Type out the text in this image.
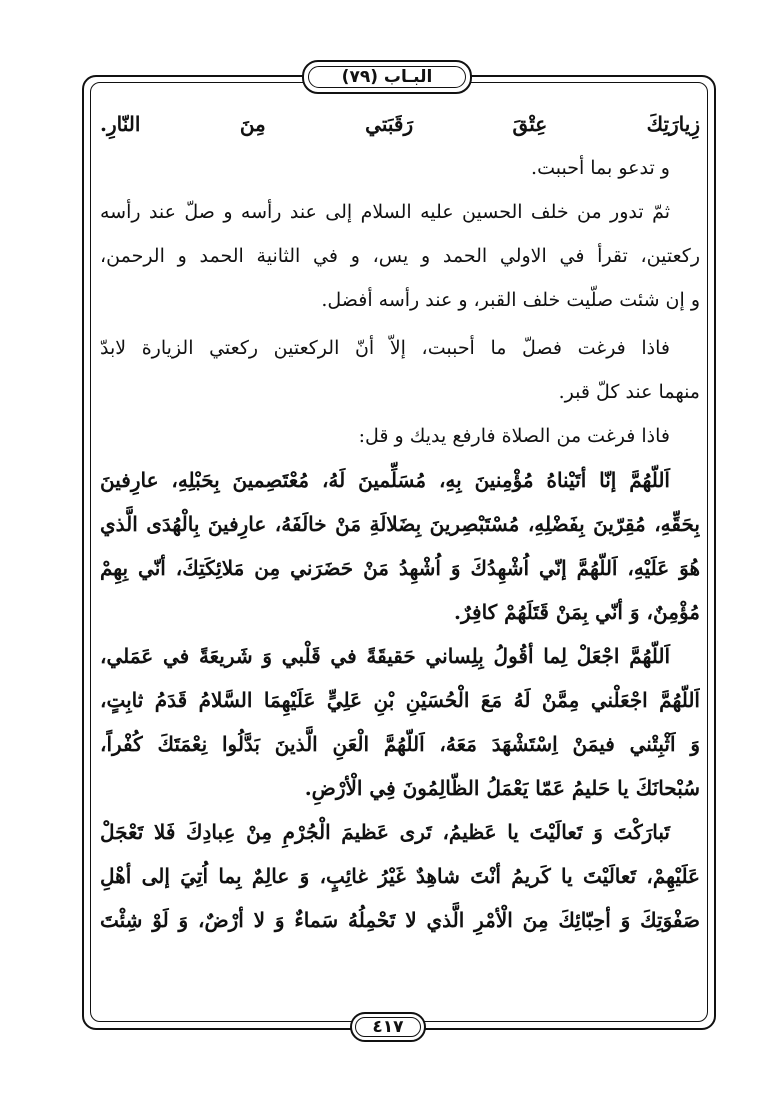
البـاب (٧٩)
زِيارَتِكَ عِتْقَ رَقَبَتي مِنَ النّارِ.
و تدعو بما أحببت.
ثمّ تدور من خلف الحسين عليه السلام إلى عند رأسه و صلّ عند رأسه
ركعتين، تقرأ في الاولي الحمد و يس، و في الثانية الحمد و الرحمن،
و إن شئت صلّيت خلف القبر، و عند رأسه أفضل.
فاذا فرغت فصلّ ما أحببت، إلاّ أنّ الركعتين ركعتي الزيارة لابدّ
منهما عند كلّ قبر.
فاذا فرغت من الصلاة فارفع يديك و قل:
اَللّهُمَّ إنّا أتَيْناهُ مُؤْمِنينَ بِهِ، مُسَلِّمينَ لَهُ، مُعْتَصِمينَ بِحَبْلِهِ، عارِفينَ
بِحَقِّهِ، مُقِرّينَ بِفَضْلِهِ، مُسْتَبْصِرينَ بِضَلالَةِ مَنْ خالَفَهُ، عارِفينَ بِالْهُدَى الَّذي
هُوَ عَلَيْهِ، اَللّهُمَّ إنّي اُشْهِدُكَ وَ اُشْهِدُ مَنْ حَضَرَني مِن مَلائِكَتِكَ، أنّي بِهِمْ
مُؤْمِنٌ، وَ أنّي بِمَنْ قَتَلَهُمْ كافِرٌ.
اَللّهُمَّ اجْعَلْ لِما أقُولُ بِلِساني حَقيقَةً في قَلْبي وَ شَريعَةً في عَمَلي،
اَللّهُمَّ اجْعَلْني مِمَّنْ لَهُ مَعَ الْحُسَيْنِ بْنِ عَلِيٍّ عَلَيْهِمَا السَّلامُ قَدَمُ ثابِتٍ،
وَ اَثْبِتْني فيمَنْ اِسْتَشْهَدَ مَعَهُ، اَللّهُمَّ الْعَنِ الَّذينَ بَدَّلُوا نِعْمَتَكَ كُفْراً،
سُبْحانَكَ يا حَليمُ عَمّا يَعْمَلُ الظّالِمُونَ فِي الْأرْضِ.
تَبارَكْتَ وَ تَعالَيْتَ يا عَظيمُ، تَرى عَظيمَ الْجُرْمِ مِنْ عِبادِكَ فَلا تَعْجَلْ
عَلَيْهِمْ، تَعالَيْتَ يا كَريمُ أنْتَ شاهِدٌ غَيْرُ غائِبٍ، وَ عالِمٌ بِما اُتِيَ إلى أهْلِ
صَفْوَتِكَ وَ أحِبّائِكَ مِنَ الْأمْرِ الَّذي لا تَحْمِلُهُ سَماءٌ وَ لا أرْضٌ، وَ لَوْ شِئْتَ
٤١٧
